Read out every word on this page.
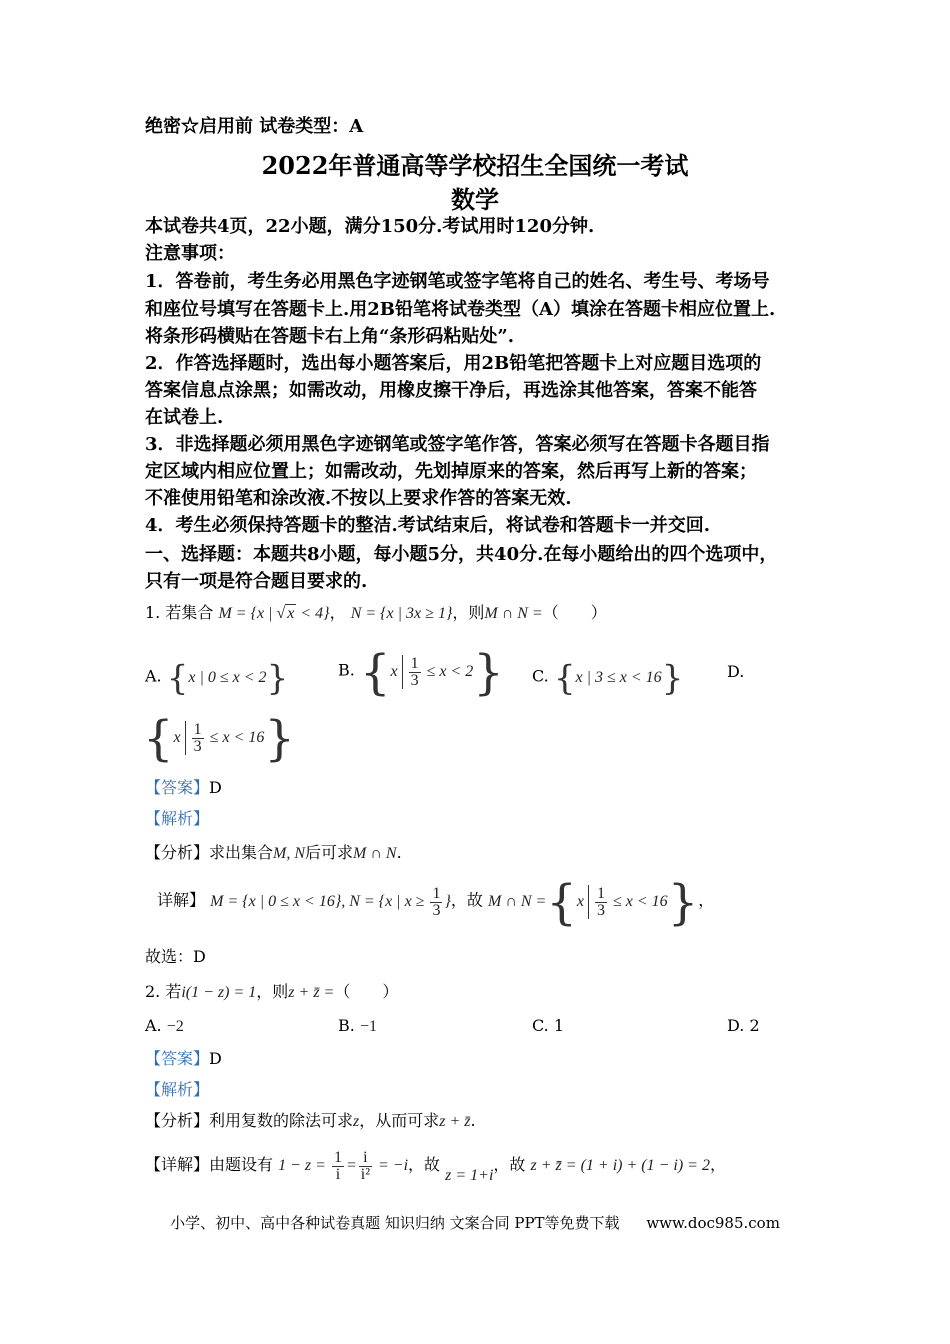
绝密☆启用前 试卷类型：A
2022年普通高等学校招生全国统一考试
数学
本试卷共4页，22小题，满分150分.考试用时120分钟.
注意事项：
1．答卷前，考生务必用黑色字迹钢笔或签字笔将自己的姓名、考生号、考场号
和座位号填写在答题卡上.用2B铅笔将试卷类型（A）填涂在答题卡相应位置上.
将条形码横贴在答题卡右上角“条形码粘贴处”.
2．作答选择题时，选出每小题答案后，用2B铅笔把答题卡上对应题目选项的
答案信息点涂黑；如需改动，用橡皮擦干净后，再选涂其他答案，答案不能答
在试卷上.
3．非选择题必须用黑色字迹钢笔或签字笔作答，答案必须写在答题卡各题目指
定区域内相应位置上；如需改动，先划掉原来的答案，然后再写上新的答案；
不准使用铅笔和涂改液.不按以上要求作答的答案无效.
4．考生必须保持答题卡的整洁.考试结束后，将试卷和答题卡一并交回.
一、选择题：本题共8小题，每小题5分，共40分.在每小题给出的四个选项中，
只有一项是符合题目要求的.
1. 若集合 M = {x | √ x < 4}， N = {x | 3x ≥ 1}，则M ∩ N =（　　）
A. {x | 0 ≤ x < 2}	B. $\{x \frac{1}{3} \le x < 2\}$ C. {x | 3 ≤ x < 16}	D.
$\{x \frac{1}{3} \le x < 16\}$
【答案】D
【解析】
【分析】求出集合M, N后可求M ∩ N.
详解】 M = {x | 0 ≤ x < 16}, N = {x | $x \ge \frac{1}{3}$ }，故 M ∩ $N =\{x \frac{1}{3} \le x < 16\}$，
故选：D
2. 若i(1 − z) = 1，则z + z̄ =（　　）
A. −2	B. −1	C. 1	D. 2
【答案】D
【解析】
【分析】利用复数的除法可求z，从而可求z + z̄.
【详解】由题设有 $1 - z = \frac{1}{i} = \frac{i}{\text{i²}} = -i$，故 z = 1+i，故 z + z̄ = (1 + i) + (1 − i) = 2，
小学、初中、高中各种试卷真题 知识归纳 文案合同 PPT等免费下载 www.doc985.com
